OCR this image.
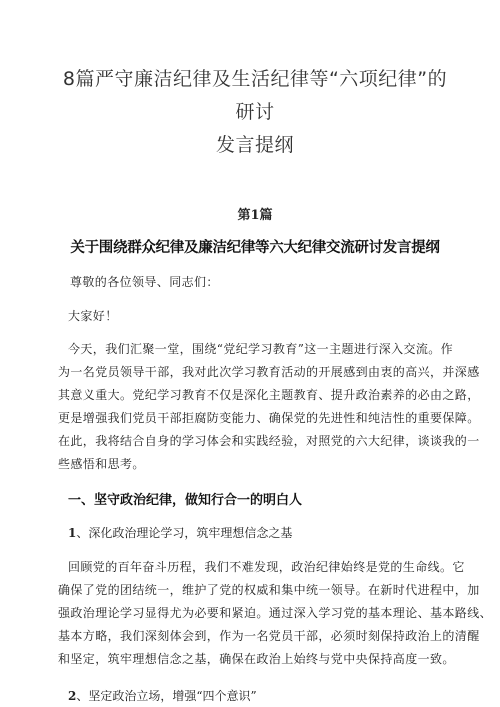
8篇严守廉洁纪律及生活纪律等“六项纪律”的研讨
发言提纲
第1篇
关于围绕群众纪律及廉洁纪律等六大纪律交流研讨发言提纲

尊敬的各位领导、同志们：

大家好！

今天，我们汇聚一堂，围绕“党纪学习教育”这一主题进行深入交流。作
为一名党员领导干部，我对此次学习教育活动的开展感到由衷的高兴，并深感
其意义重大。党纪学习教育不仅是深化主题教育、提升政治素养的必由之路，
更是增强我们党员干部拒腐防变能力、确保党的先进性和纯洁性的重要保障。
在此，我将结合自身的学习体会和实践经验，对照党的六大纪律，谈谈我的一
些感悟和思考。
一、坚守政治纪律，做知行合一的明白人
1、深化政治理论学习，筑牢理想信念之基
回顾党的百年奋斗历程，我们不难发现，政治纪律始终是党的生命线。它
确保了党的团结统一，维护了党的权威和集中统一领导。在新时代进程中，加
强政治理论学习显得尤为必要和紧迫。通过深入学习党的基本理论、基本路线、
基本方略，我们深刻体会到，作为一名党员干部，必须时刻保持政治上的清醒
和坚定，筑牢理想信念之基，确保在政治上始终与党中央保持高度一致。
2、坚定政治立场，增强“四个意识”
